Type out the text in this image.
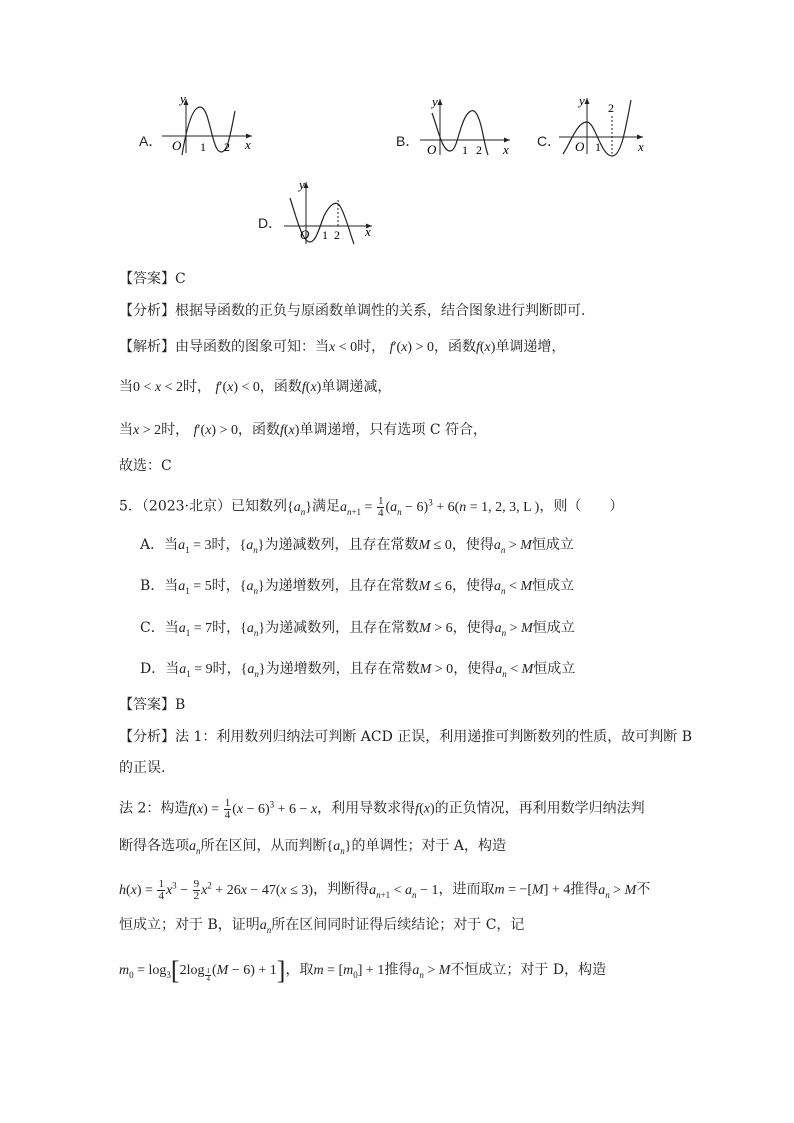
A．
y
x
O 1 2	B．
y
x
O 1 2
C．
y
x
O 1
2
D．
y
x
O 1 2
【答案】C
【分析】根据导函数的正负与原函数单调性的关系，结合图象进行判断即可.
【解析】由导函数的图象可知：当x < 0时， f′(x) > 0，函数f(x)单调递增，
当0 < x < 2时， f′(x) < 0，函数f(x)单调递减，
当x > 2时， f′(x) > 0，函数f(x)单调递增，只有选项 C 符合，
故选：C
5．（2023·北京）已知数列$\{a_n\}$满足$a_{n+1} = \frac{1}{4} (a_n - 6)^3 + 6(n = 1$, 2, 3, L )，则（　　）
A．当$a_1 = 3$时，$\{a_n\}$为递减数列，且存在常数M ≤ 0，使得$a_n > M$恒成立
B．当$a_1 = 5$时，$\{a_n\}$为递增数列，且存在常数M ≤ 6，使得$a_n < M$恒成立
C．当$a_1 = 7$时，$\{a_n\}$为递减数列，且存在常数M > 6，使得$a_n > M$恒成立
D．当$a_1 = 9$时，$\{a_n\}$为递增数列，且存在常数M > 0，使得$a_n < M$恒成立
【答案】B
【分析】法 1：利用数列归纳法可判断 ACD 正误，利用递推可判断数列的性质，故可判断 B
的正误.
法 2：构造$f(x) = \frac{1}{4} (x - 6)^3 + 6 - x$，利用导数求得f(x)的正负情况，再利用数学归纳法判
断得各选项$a_n$所在区间，从而判断$\{a_n\}$的单调性；对于 A，构造
$h(x) = \frac{1}{4} x^3 - \frac{9}{2} x^2 + 26x - 47(x \le 3)$，判断得$a_{n+1} < a_n - 1$，进而取m = −[M] + 4推得$a_n > M$不
恒成立；对于 B，证明$a_n$所在区间同时证得后续结论；对于 C，记
$m_0 = \log_3[2\log$ $_{\frac{1}{4}}$ (M − 6) + 1]，取$m = [m_0] + 1$推得$a_n > M$不恒成立；对于 D，构造
